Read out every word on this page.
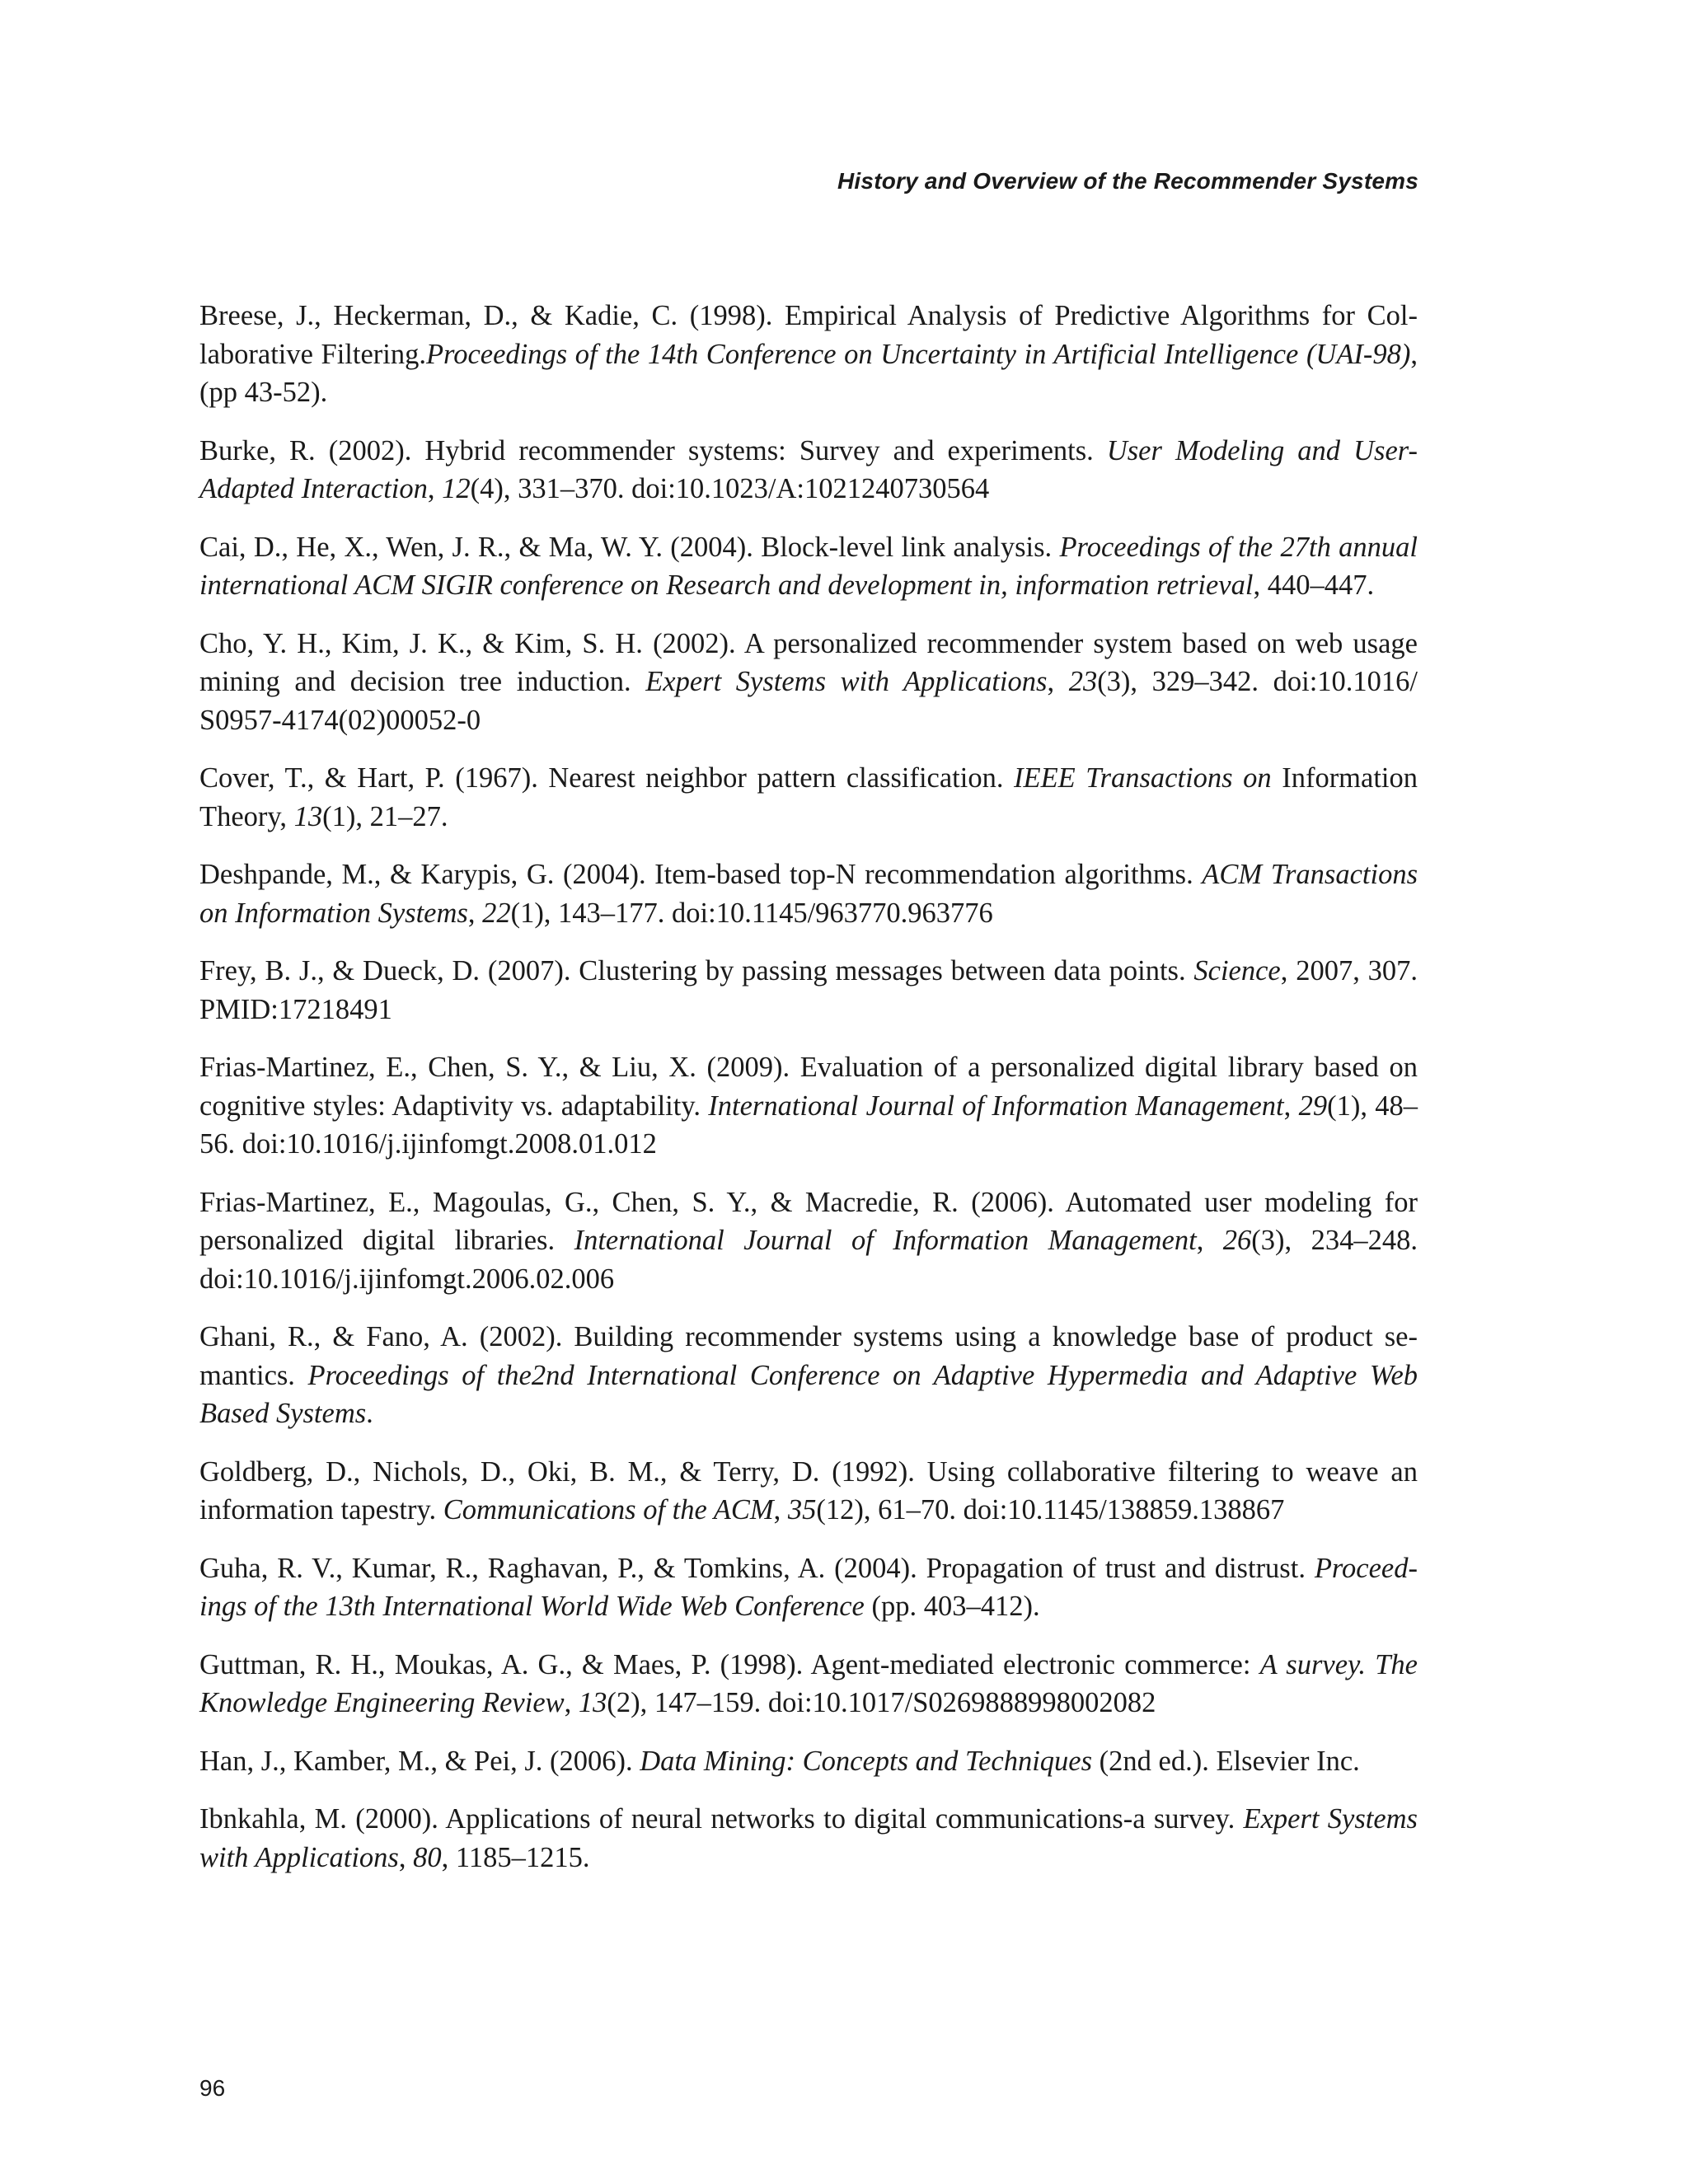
History and Overview of the Recommender Systems

Breese, J., Heckerman, D., & Kadie, C. (1998). Empirical Analysis of Predictive Algorithms for Collaborative Filtering.Proceedings of the 14th Conference on Uncertainty in Artificial Intelligence (UAI-98), (pp 43-52).

Burke, R. (2002). Hybrid recommender systems: Survey and experiments. User Modeling and User-Adapted Interaction, 12(4), 331–370. doi:10.1023/A:1021240730564

Cai, D., He, X., Wen, J. R., & Ma, W. Y. (2004). Block-level link analysis. Proceedings of the 27th annual international ACM SIGIR conference on Research and development in, information retrieval, 440–447.

Cho, Y. H., Kim, J. K., & Kim, S. H. (2002). A personalized recommender system based on web usage mining and decision tree induction. Expert Systems with Applications, 23(3), 329–342. doi:10.1016/​S0957-4174(02)00052-0

Cover, T., & Hart, P. (1967). Nearest neighbor pattern classification. IEEE Transactions on Information Theory, 13(1), 21–27.

Deshpande, M., & Karypis, G. (2004). Item-based top-N recommendation algorithms. ACM Transactions on Information Systems, 22(1), 143–177. doi:10.1145/963770.963776

Frey, B. J., & Dueck, D. (2007). Clustering by passing messages between data points. Science, 2007, 307. PMID:17218491

Frias-Martinez, E., Chen, S. Y., & Liu, X. (2009). Evaluation of a personalized digital library based on cognitive styles: Adaptivity vs. adaptability. International Journal of Information Management, 29(1), 48–56. doi:10.1016/j.ijinfomgt.2008.01.012

Frias-Martinez, E., Magoulas, G., Chen, S. Y., & Macredie, R. (2006). Automated user modeling for personalized digital libraries. International Journal of Information Management, 26(3), 234–248. doi:10.1016/j.ijinfomgt.2006.02.006

Ghani, R., & Fano, A. (2002). Building recommender systems using a knowledge base of product semantics. Proceedings of the2nd International Conference on Adaptive Hypermedia and Adaptive Web Based Systems.

Goldberg, D., Nichols, D., Oki, B. M., & Terry, D. (1992). Using collaborative filtering to weave an information tapestry. Communications of the ACM, 35(12), 61–70. doi:10.1145/138859.138867

Guha, R. V., Kumar, R., Raghavan, P., & Tomkins, A. (2004). Propagation of trust and distrust. Proceedings of the 13th International World Wide Web Conference (pp. 403–412).

Guttman, R. H., Moukas, A. G., & Maes, P. (1998). Agent-mediated electronic commerce: A survey. The Knowledge Engineering Review, 13(2), 147–159. doi:10.1017/S0269888998002082

Han, J., Kamber, M., & Pei, J. (2006). Data Mining: Concepts and Techniques (2nd ed.). Elsevier Inc.

Ibnkahla, M. (2000). Applications of neural networks to digital communications-a survey. Expert Systems with Applications, 80, 1185–1215.

96
